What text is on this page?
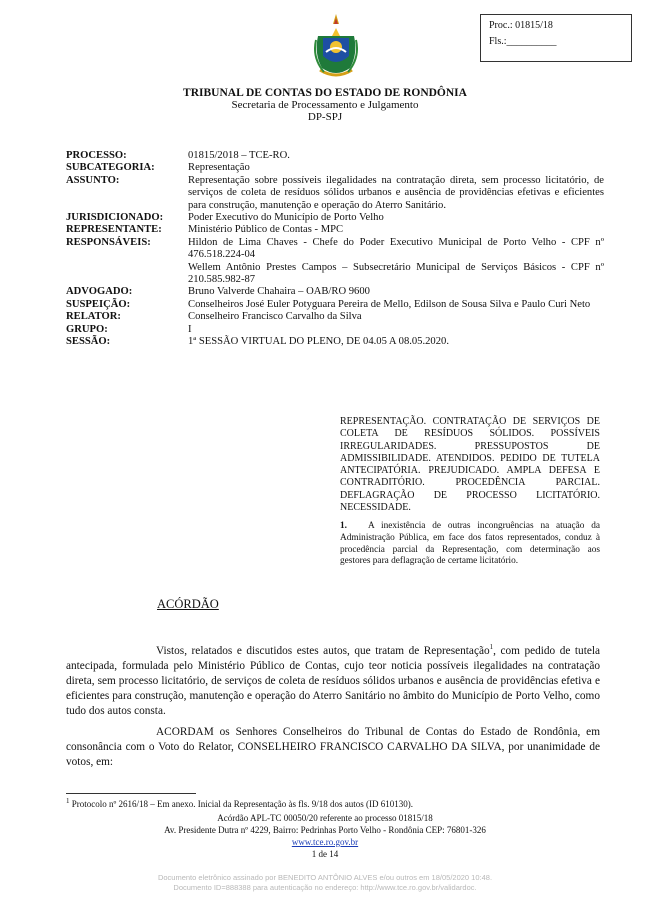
Proc.: 01815/18
Fls.:__________
TRIBUNAL DE CONTAS DO ESTADO DE RONDÔNIA
Secretaria de Processamento e Julgamento
DP-SPJ
PROCESSO:	01815/2018 – TCE-RO.
SUBCATEGORIA:	Representação
ASSUNTO:	Representação sobre possíveis ilegalidades na contratação direta, sem processo licitatório, de serviços de coleta de resíduos sólidos urbanos e ausência de providências efetivas e eficientes para construção, manutenção e operação do Aterro Sanitário.
JURISDICIONADO:	Poder Executivo do Município de Porto Velho
REPRESENTANTE:	Ministério Público de Contas - MPC
RESPONSÁVEIS:	Hildon de Lima Chaves - Chefe do Poder Executivo Municipal de Porto Velho - CPF nº 476.518.224-04
Wellem Antônio Prestes Campos – Subsecretário Municipal de Serviços Básicos - CPF nº 210.585.982-87
ADVOGADO:	Bruno Valverde Chahaira – OAB/RO 9600
SUSPEIÇÃO:	Conselheiros José Euler Potyguara Pereira de Mello, Edilson de Sousa Silva e Paulo Curi Neto
RELATOR:	Conselheiro Francisco Carvalho da Silva
GRUPO:	I
SESSÃO:	1ª SESSÃO VIRTUAL DO PLENO, DE 04.05 A 08.05.2020.
REPRESENTAÇÃO. CONTRATAÇÃO DE SERVIÇOS DE COLETA DE RESÍDUOS SÓLIDOS. POSSÍVEIS IRREGULARIDADES. PRESSUPOSTOS DE ADMISSIBILIDADE. ATENDIDOS. PEDIDO DE TUTELA ANTECIPATÓRIA. PREJUDICADO. AMPLA DEFESA E CONTRADITÓRIO. PROCEDÊNCIA PARCIAL. DEFLAGRAÇÃO DE PROCESSO LICITATÓRIO. NECESSIDADE.
1. A inexistência de outras incongruências na atuação da Administração Pública, em face dos fatos representados, conduz à procedência parcial da Representação, com determinação aos gestores para deflagração de certame licitatório.
ACÓRDÃO
Vistos, relatados e discutidos estes autos, que tratam de Representação$^1$, com pedido de tutela antecipada, formulada pelo Ministério Público de Contas, cujo teor noticia possíveis ilegalidades na contratação direta, sem processo licitatório, de serviços de coleta de resíduos sólidos urbanos e ausência de providências efetiva e eficientes para construção, manutenção e operação do Aterro Sanitário no âmbito do Município de Porto Velho, como tudo dos autos consta.
ACORDAM os Senhores Conselheiros do Tribunal de Contas do Estado de Rondônia, em consonância com o Voto do Relator, CONSELHEIRO FRANCISCO CARVALHO DA SILVA, por unanimidade de votos, em:
$^1$ Protocolo nº 2616/18 – Em anexo. Inicial da Representação às fls. 9/18 dos autos (ID 610130).
Acórdão APL-TC 00050/20 referente ao processo 01815/18
Av. Presidente Dutra nº 4229, Bairro: Pedrinhas Porto Velho - Rondônia CEP: 76801-326
www.tce.ro.gov.br
1 de 14
Documento eletrônico assinado por BENEDITO ANTÔNIO ALVES e/ou outros em 18/05/2020 10:48.
Documento ID=888388 para autenticação no endereço: http://www.tce.ro.gov.br/validardoc.
